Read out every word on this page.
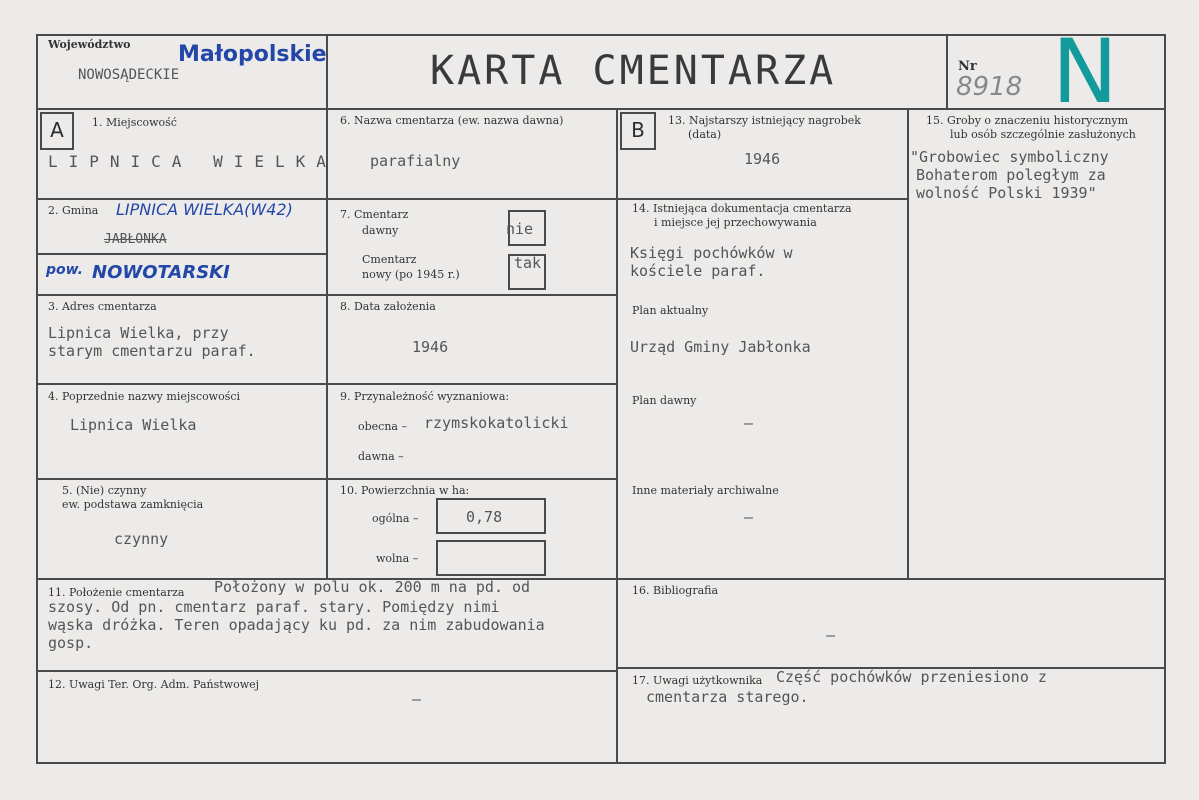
Województwo Małopolskie
NOWOSĄDECKIE	KARTA CMENTARZA	Nr
8918 N
A	1. Miejscowość
LIPNICA WIELKA
2. Gmina LIPNICA WIELKA(W42)
JABŁONKA
pow. NOWOTARSKI
3. Adres cmentarza
Lipnica Wielka, przy
starym cmentarzu paraf.
4. Poprzednie nazwy miejscowości
Lipnica Wielka
5. (Nie) czynny
ew. podstawa zamknięcia
czynny
6. Nazwa cmentarza (ew. nazwa dawna)
parafialny
7. Cmentarz
dawny	nie
Cmentarz
nowy (po 1945 r.)
tak
8. Data założenia
1946
9. Przynależność wyznaniowa:
obecna – rzymskokatolicki
dawna –
10. Powierzchnia w ha:
ogólna –	0,78
wolna –
B	13. Najstarszy istniejący nagrobek
(data)
1946
14. Istniejąca dokumentacja cmentarza
i miejsce jej przechowywania
Księgi pochówków w
kościele paraf.
Plan aktualny
Urząd Gminy Jabłonka
Plan dawny
–
Inne materiały archiwalne
–
15. Groby o znaczeniu historycznym
lub osób szczególnie zasłużonych
"Grobowiec symboliczny
Bohaterom poległym za
wolność Polski 1939"
11. Położenie cmentarza Położony w polu ok. 200 m na pd. od
szosy. Od pn. cmentarz paraf. stary. Pomiędzy nimi
wąska dróżka. Teren opadający ku pd. za nim zabudowania
gosp.
12. Uwagi Ter. Org. Adm. Państwowej
–
16. Bibliografia
–
17. Uwagi użytkownika Część pochówków przeniesiono z
cmentarza starego.
